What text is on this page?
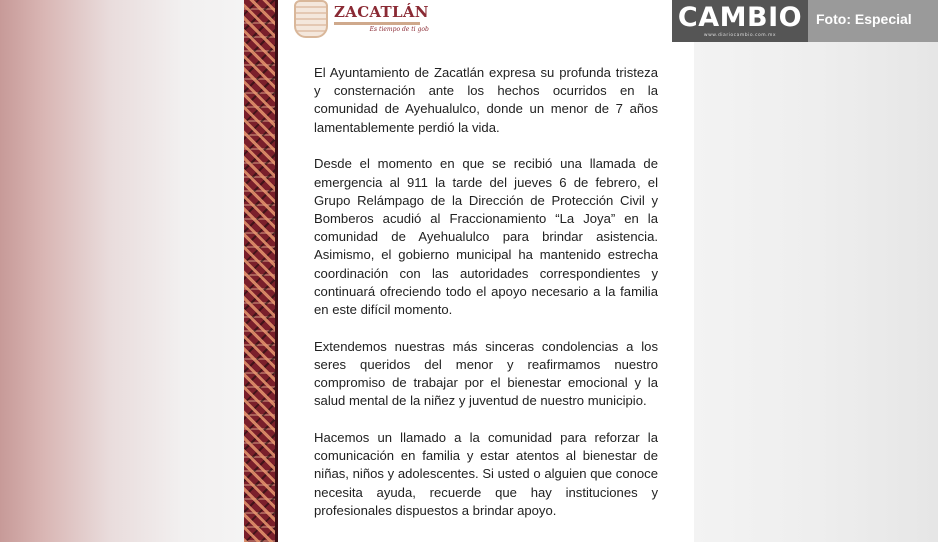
ZACATLÁN
Es tiempo de ti gob

El Ayuntamiento de Zacatlán expresa su profunda tristeza y consternación ante los hechos ocurridos en la comunidad de Ayehualulco, donde un menor de 7 años lamentablemente perdió la vida.

Desde el momento en que se recibió una llamada de emergencia al 911 la tarde del jueves 6 de febrero, el Grupo Relámpago de la Dirección de Protección Civil y Bomberos acudió al Fraccionamiento “La Joya” en la comunidad de Ayehualulco para brindar asistencia. Asimismo, el gobierno municipal ha mantenido estrecha coordinación con las autoridades correspondientes y continuará ofreciendo todo el apoyo necesario a la familia en este difícil momento.

Extendemos nuestras más sinceras condolencias a los seres queridos del menor y reafirmamos nuestro compromiso de trabajar por el bienestar emocional y la salud mental de la niñez y juventud de nuestro municipio.

Hacemos un llamado a la comunidad para reforzar la comunicación en familia y estar atentos al bienestar de niñas, niños y adolescentes. Si usted o alguien que conoce necesita ayuda, recuerde que hay instituciones y profesionales dispuestos a brindar apoyo.

CAMBIO
www.diariocambio.com.mx
Foto: Especial
